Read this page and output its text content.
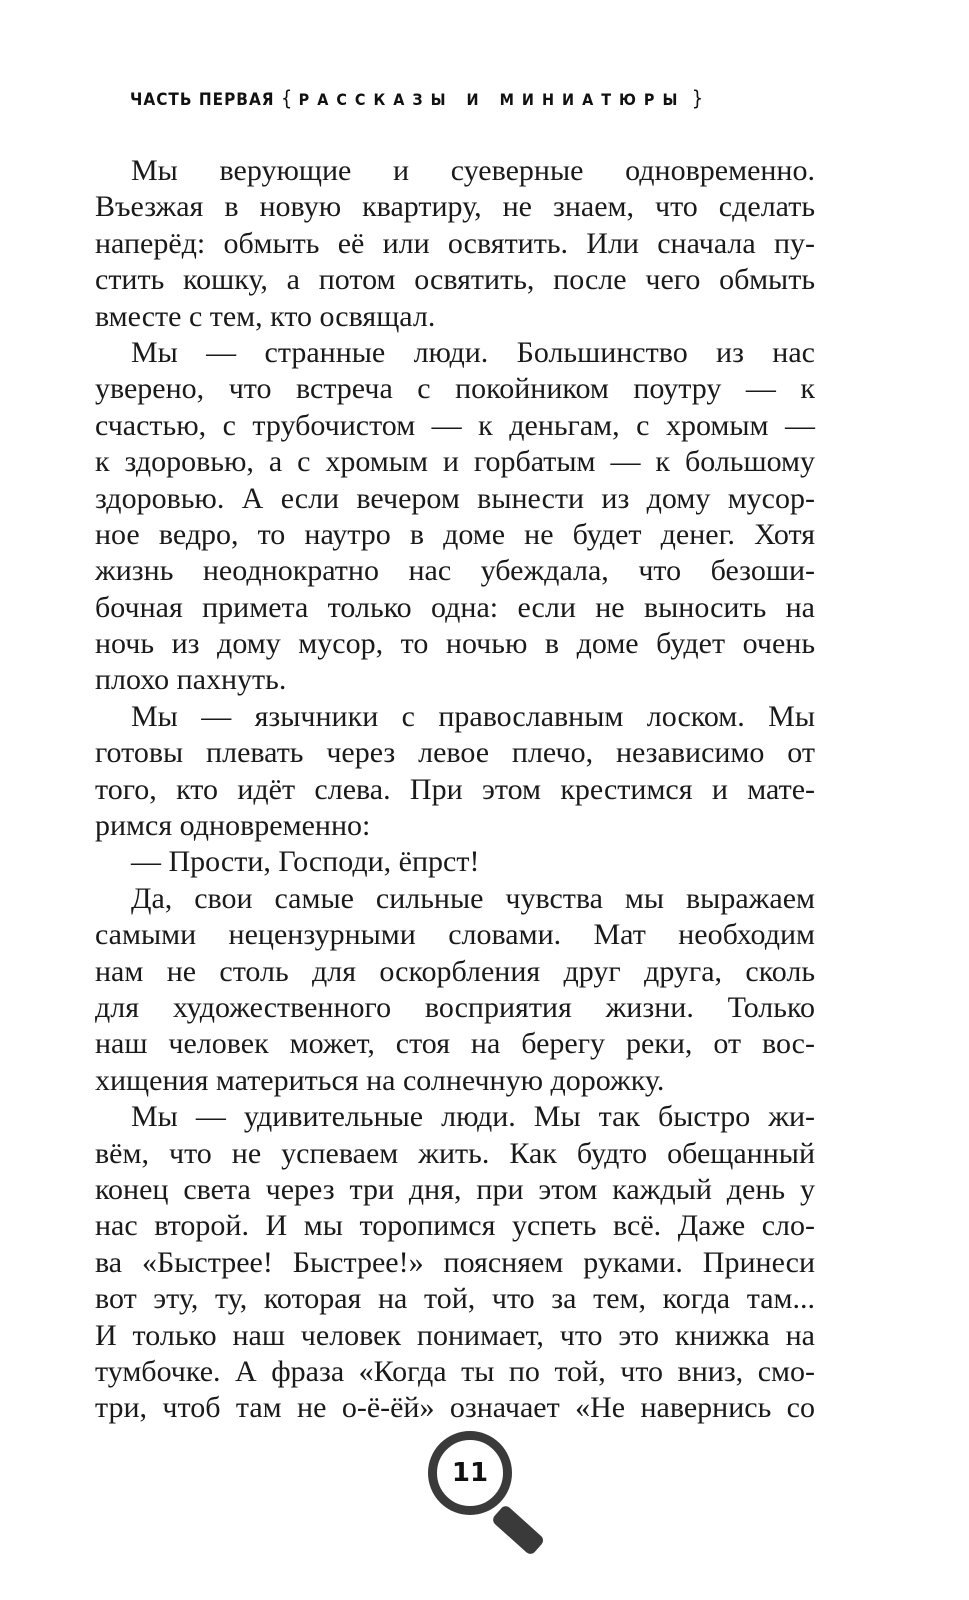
ЧАСТЬ ПЕРВАЯ { РАССКАЗЫ И МИНИАТЮРЫ }
Мы верующие и суеверные одновременно.
Въезжая в новую квартиру, не знаем, что сделать
наперёд: обмыть её или освятить. Или сначала пу-
стить кошку, а потом освятить, после чего обмыть
вместе с тем, кто освящал.
Мы — странные люди. Большинство из нас
уверено, что встреча с покойником поутру — к
счастью, с трубочистом — к деньгам, с хромым —
к здоровью, а с хромым и горбатым — к большому
здоровью. А если вечером вынести из дому мусор-
ное ведро, то наутро в доме не будет денег. Хотя
жизнь неоднократно нас убеждала, что безоши-
бочная примета только одна: если не выносить на
ночь из дому мусор, то ночью в доме будет очень
плохо пахнуть.
Мы — язычники с православным лоском. Мы
готовы плевать через левое плечо, независимо от
того, кто идёт слева. При этом крестимся и мате-
римся одновременно:
— Прости, Господи, ёпрст!
Да, свои самые сильные чувства мы выражаем
самыми нецензурными словами. Мат необходим
нам не столь для оскорбления друг друга, сколь
для художественного восприятия жизни. Только
наш человек может, стоя на берегу реки, от вос-
хищения материться на солнечную дорожку.
Мы — удивительные люди. Мы так быстро жи-
вём, что не успеваем жить. Как будто обещанный
конец света через три дня, при этом каждый день у
нас второй. И мы торопимся успеть всё. Даже сло-
ва «Быстрее! Быстрее!» поясняем руками. Принеси
вот эту, ту, которая на той, что за тем, когда там...
И только наш человек понимает, что это книжка на
тумбочке. А фраза «Когда ты по той, что вниз, смо-
три, чтоб там не о-ё-ёй» означает «Не навернись со
11
